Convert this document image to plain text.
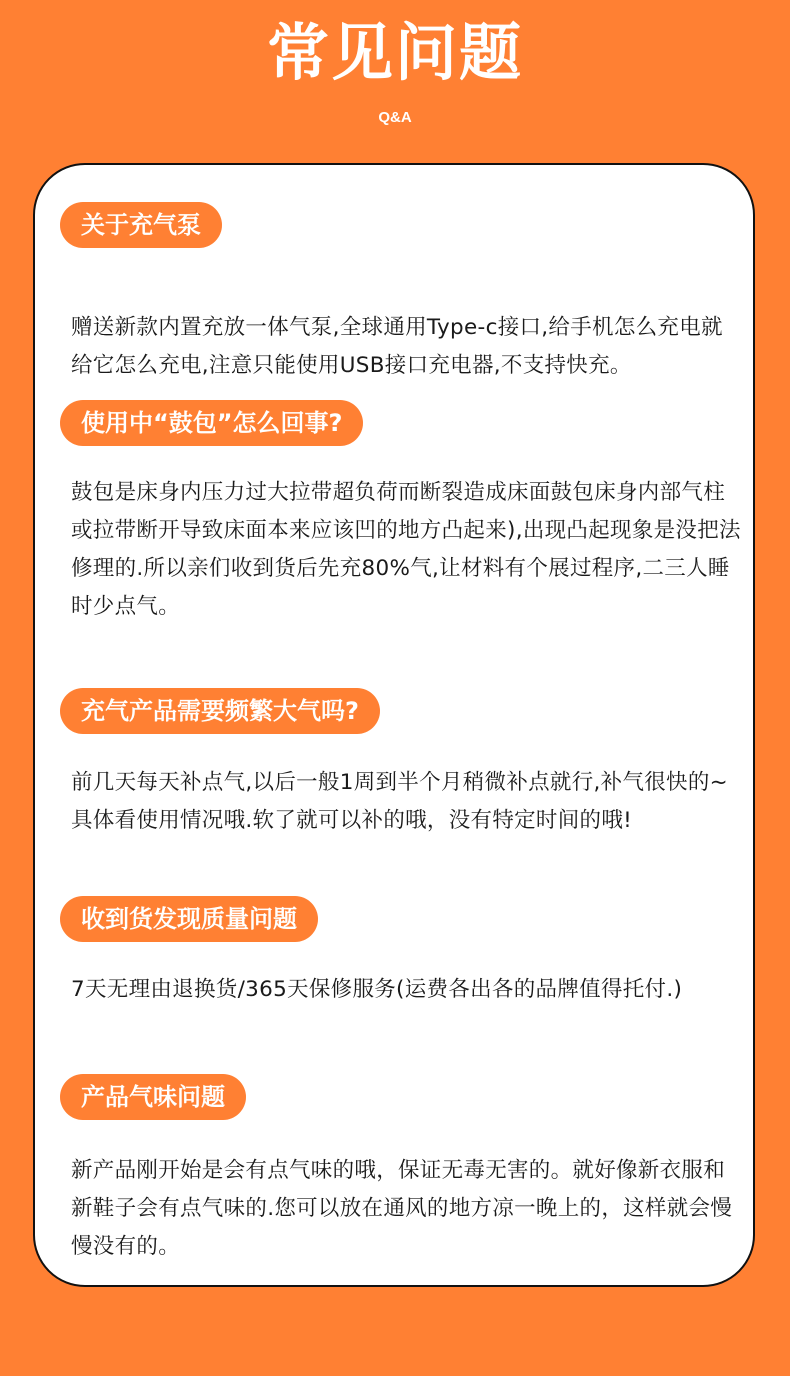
常见问题
Q&A
关于充气泵

赠送新款内置充放一体气泵,全球通用Type-c接口,给手机怎么充电就给它怎么充电,注意只能使用USB接口充电器,不支持快充。

使用中“鼓包”怎么回事?

鼓包是床身内压力过大拉带超负荷而断裂造成床面鼓包床身内部气柱或拉带断开导致床面本来应该凹的地方凸起来),出现凸起现象是没把法修理的.所以亲们收到货后先充80%气,让材料有个展过程序,二三人睡时少点气。

充气产品需要频繁大气吗?

前几天每天补点气,以后一般1周到半个月稍微补点就行,补气很快的~具体看使用情况哦.软了就可以补的哦，没有特定时间的哦!

收到货发现质量问题

7天无理由退换货/365天保修服务(运费各出各的品牌值得托付.)

产品气味问题

新产品刚开始是会有点气味的哦，保证无毒无害的。就好像新衣服和新鞋子会有点气味的.您可以放在通风的地方凉一晚上的，这样就会慢慢没有的。
